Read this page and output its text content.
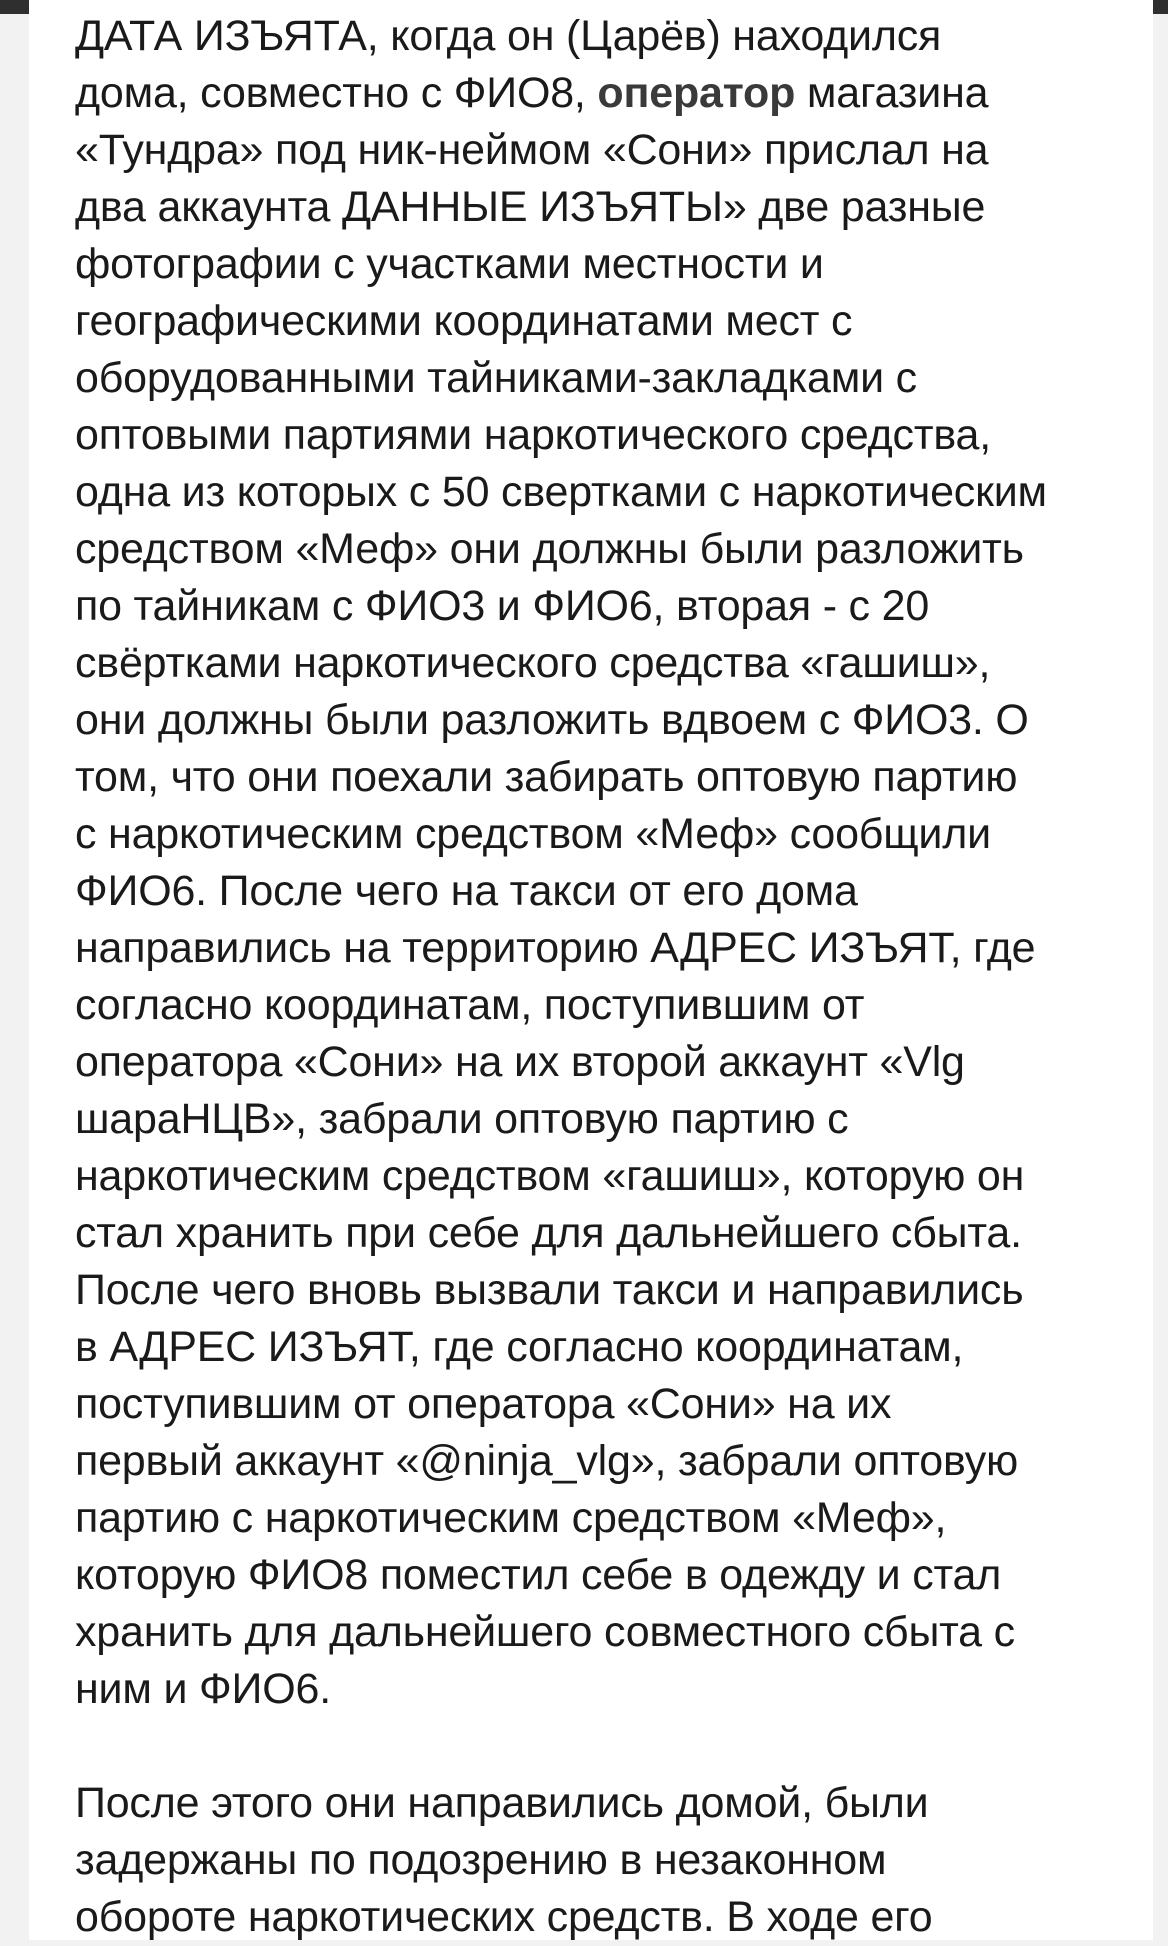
ДАТА ИЗЪЯТА, когда он (Царёв) находился
дома, совместно с ФИО8, оператор магазина
«Тундра» под ник-неймом «Сони» прислал на
два аккаунта ДАННЫЕ ИЗЪЯТЫ» две разные
фотографии с участками местности и
географическими координатами мест с
оборудованными тайниками-закладками с
оптовыми партиями наркотического средства,
одна из которых с 50 свертками с наркотическим
средством «Меф» они должны были разложить
по тайникам с ФИО3 и ФИО6, вторая - с 20
свёртками наркотического средства «гашиш»,
они должны были разложить вдвоем с ФИО3. О
том, что они поехали забирать оптовую партию
с наркотическим средством «Меф» сообщили
ФИО6. После чего на такси от его дома
направились на территорию АДРЕС ИЗЪЯТ, где
согласно координатам, поступившим от
оператора «Сони» на их второй аккаунт «Vlg
шараНЦВ», забрали оптовую партию с
наркотическим средством «гашиш», которую он
стал хранить при себе для дальнейшего сбыта.
После чего вновь вызвали такси и направились
в АДРЕС ИЗЪЯТ, где согласно координатам,
поступившим от оператора «Сони» на их
первый аккаунт «@ninja_vlg», забрали оптовую
партию с наркотическим средством «Меф»,
которую ФИО8 поместил себе в одежду и стал
хранить для дальнейшего совместного сбыта с
ним и ФИО6.
После этого они направились домой, были
задержаны по подозрению в незаконном
обороте наркотических средств. В ходе его
